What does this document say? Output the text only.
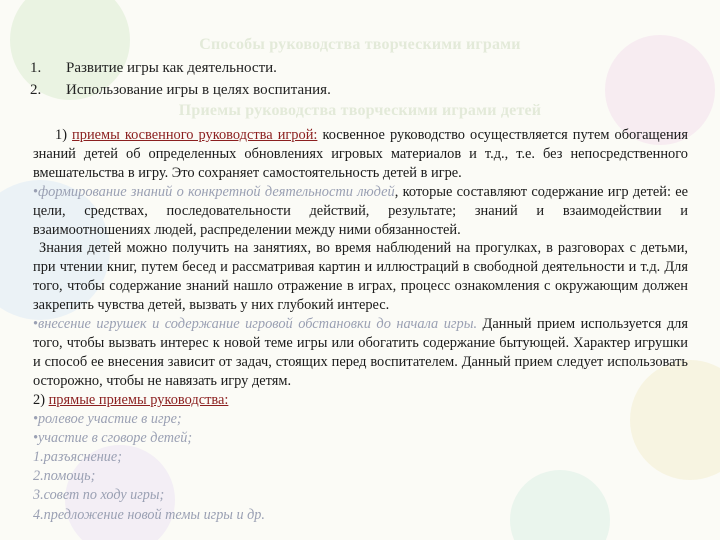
Способы руководства творческими играми
1. Развитие игры как деятельности.
2. Использование игры в целях воспитания.
Приемы руководства творческими играми детей

1) приемы косвенного руководства игрой: косвенное руководство осуществляется путем обогащения знаний детей об определенных обновлениях игровых материалов и т.д., т.е. без непосредственного вмешательства в игру. Это сохраняет самостоятельность детей в игре.

•формирование знаний о конкретной деятельности людей, которые составляют содержание игр детей: ее цели, средствах, последовательности действий, результате; знаний и взаимодействии и взаимоотношениях людей, распределении между ними обязанностей.

Знания детей можно получить на занятиях, во время наблюдений на прогулках, в разговорах с детьми, при чтении книг, путем бесед и рассматривая картин и иллюстраций в свободной деятельности и т.д. Для того, чтобы содержание знаний нашло отражение в играх, процесс ознакомления с окружающим должен закрепить чувства детей, вызвать у них глубокий интерес.

•внесение игрушек и содержание игровой обстановки до начала игры. Данный прием используется для того, чтобы вызвать интерес к новой теме игры или обогатить содержание бытующей. Характер игрушки и способ ее внесения зависит от задач, стоящих перед воспитателем. Данный прием следует использовать осторожно, чтобы не навязать игру детям.

2) прямые приемы руководства:

•ролевое участие в игре;
•участие в сговоре детей;
1.разъяснение;
2.помощь;
3.совет по ходу игры;
4.предложение новой темы игры и др.
